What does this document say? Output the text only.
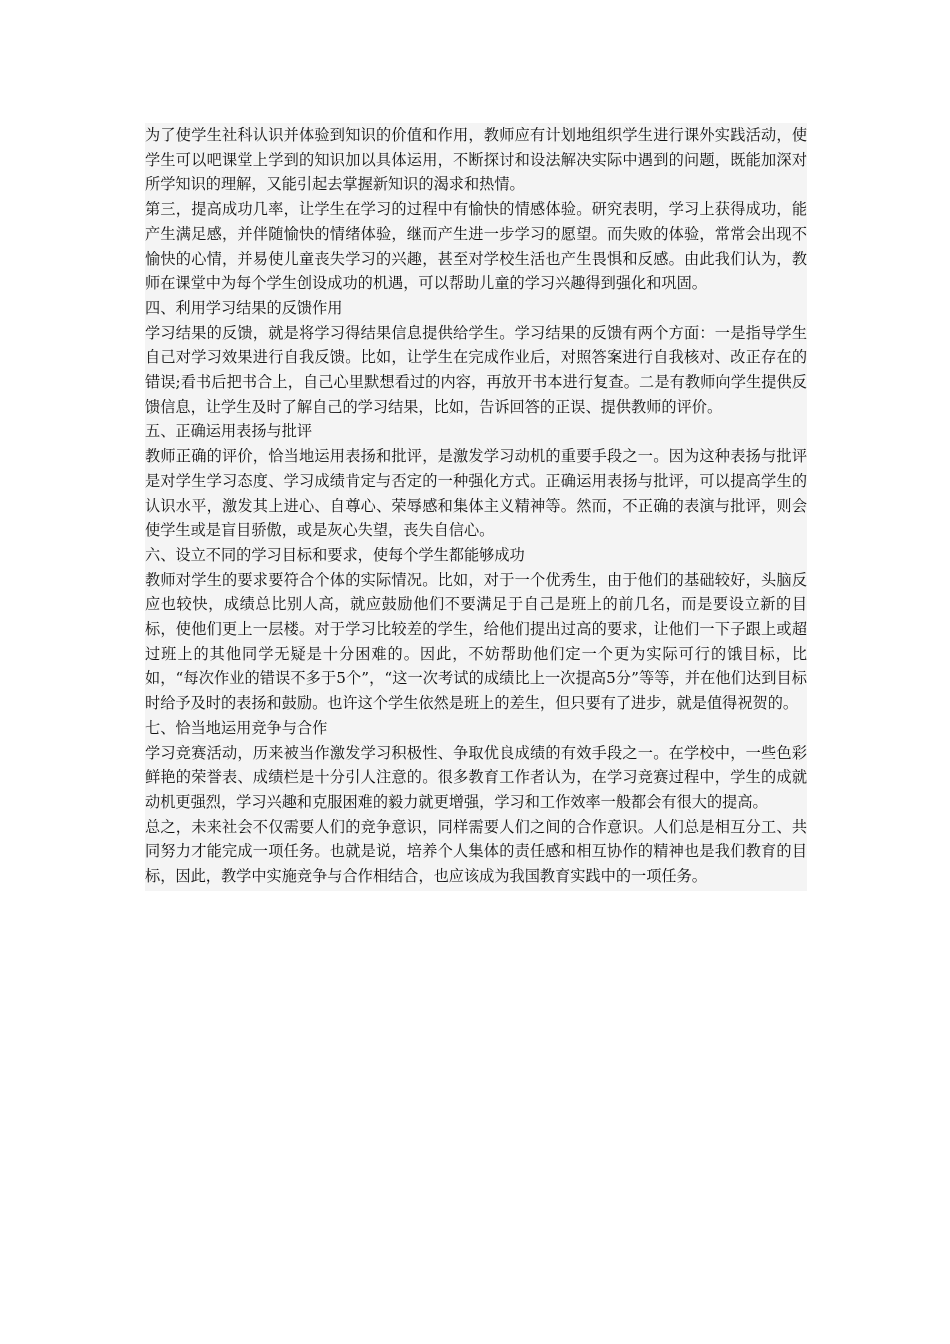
为了使学生社科认识并体验到知识的价值和作用，教师应有计划地组织学生进行课外实践活动，使学生可以吧课堂上学到的知识加以具体运用，不断探讨和设法解决实际中遇到的问题，既能加深对所学知识的理解，又能引起去掌握新知识的渴求和热情。

第三，提高成功几率，让学生在学习的过程中有愉快的情感体验。研究表明，学习上获得成功，能产生满足感，并伴随愉快的情绪体验，继而产生进一步学习的愿望。而失败的体验，常常会出现不愉快的心情，并易使儿童丧失学习的兴趣，甚至对学校生活也产生畏惧和反感。由此我们认为，教师在课堂中为每个学生创设成功的机遇，可以帮助儿童的学习兴趣得到强化和巩固。

四、利用学习结果的反馈作用

学习结果的反馈，就是将学习得结果信息提供给学生。学习结果的反馈有两个方面：一是指导学生自己对学习效果进行自我反馈。比如，让学生在完成作业后，对照答案进行自我核对、改正存在的错误;看书后把书合上，自己心里默想看过的内容，再放开书本进行复查。二是有教师向学生提供反馈信息，让学生及时了解自己的学习结果，比如，告诉回答的正误、提供教师的评价。

五、正确运用表扬与批评

教师正确的评价，恰当地运用表扬和批评，是激发学习动机的重要手段之一。因为这种表扬与批评是对学生学习态度、学习成绩肯定与否定的一种强化方式。正确运用表扬与批评，可以提高学生的认识水平，激发其上进心、自尊心、荣辱感和集体主义精神等。然而，不正确的表演与批评，则会使学生或是盲目骄傲，或是灰心失望，丧失自信心。

六、设立不同的学习目标和要求，使每个学生都能够成功

教师对学生的要求要符合个体的实际情况。比如，对于一个优秀生，由于他们的基础较好，头脑反应也较快，成绩总比别人高，就应鼓励他们不要满足于自己是班上的前几名，而是要设立新的目标，使他们更上一层楼。对于学习比较差的学生，给他们提出过高的要求，让他们一下子跟上或超过班上的其他同学无疑是十分困难的。因此，不妨帮助他们定一个更为实际可行的饿目标，比如，“每次作业的错误不多于5个”，“这一次考试的成绩比上一次提高5分”等等，并在他们达到目标时给予及时的表扬和鼓励。也许这个学生依然是班上的差生，但只要有了进步，就是值得祝贺的。

七、恰当地运用竞争与合作

学习竞赛活动，历来被当作激发学习积极性、争取优良成绩的有效手段之一。在学校中，一些色彩鲜艳的荣誉表、成绩栏是十分引人注意的。很多教育工作者认为，在学习竞赛过程中，学生的成就动机更强烈，学习兴趣和克服困难的毅力就更增强，学习和工作效率一般都会有很大的提高。

总之，未来社会不仅需要人们的竞争意识，同样需要人们之间的合作意识。人们总是相互分工、共同努力才能完成一项任务。也就是说，培养个人集体的责任感和相互协作的精神也是我们教育的目标，因此，教学中实施竞争与合作相结合，也应该成为我国教育实践中的一项任务。
